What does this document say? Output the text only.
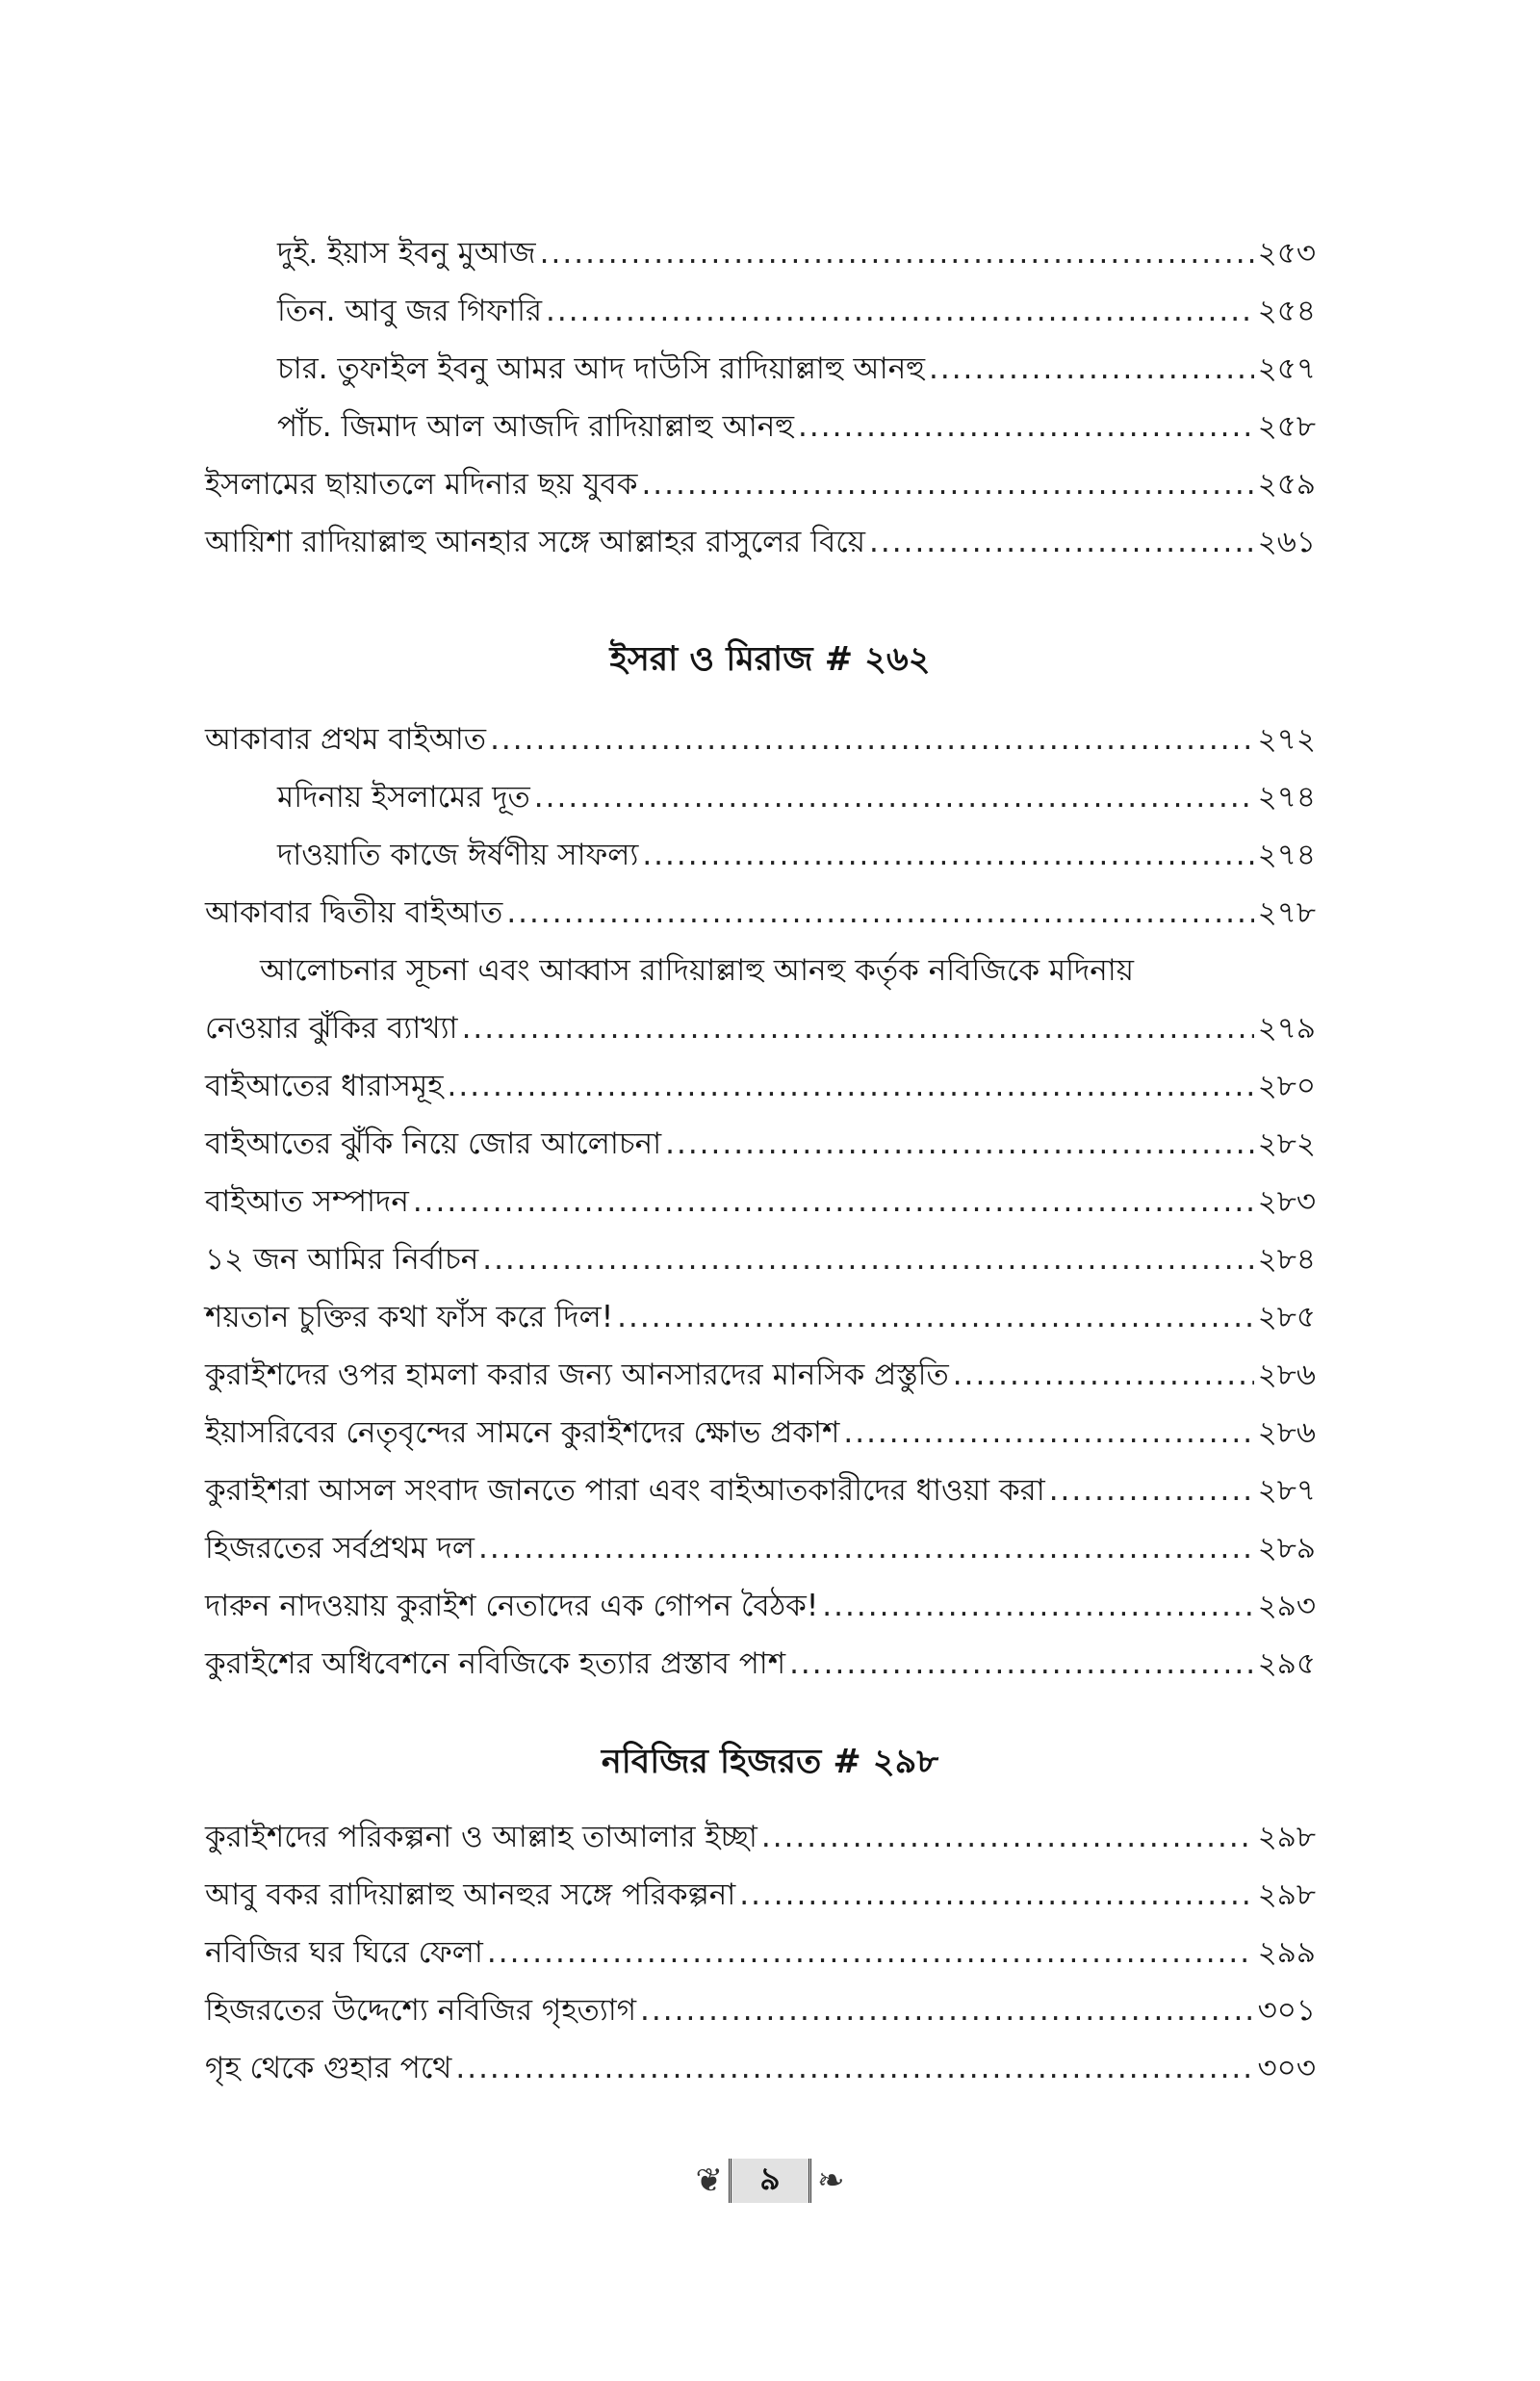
দুই. ইয়াস ইবনু মুআজ .....	২৫৩
তিন. আবু জর গিফারি .....	২৫৪
চার. তুফাইল ইবনু আমর আদ দাউসি রাদিয়াল্লাহু আনহু .....	২৫৭
পাঁচ. জিমাদ আল আজদি রাদিয়াল্লাহু আনহু .....	২৫৮
ইসলামের ছায়াতলে মদিনার ছয় যুবক .....	২৫৯
আয়িশা রাদিয়াল্লাহু আনহার সঙ্গে আল্লাহর রাসুলের বিয়ে .....	২৬১
ইসরা ও মিরাজ # ২৬২
আকাবার প্রথম বাইআত .....	২৭২
মদিনায় ইসলামের দূত .....	২৭৪
দাওয়াতি কাজে ঈর্ষণীয় সাফল্য .....	২৭৪
আকাবার দ্বিতীয় বাইআত .....	২৭৮
আলোচনার সূচনা এবং আব্বাস রাদিয়াল্লাহু আনহু কর্তৃক নবিজিকে মদিনায়
নেওয়ার ঝুঁকির ব্যাখ্যা .....	২৭৯
বাইআতের ধারাসমূহ .....	২৮০
বাইআতের ঝুঁকি নিয়ে জোর আলোচনা .....	২৮২
বাইআত সম্পাদন .....	২৮৩
১২ জন আমির নির্বাচন .....	২৮৪
শয়তান চুক্তির কথা ফাঁস করে দিল! .....	২৮৫
কুরাইশদের ওপর হামলা করার জন্য আনসারদের মানসিক প্রস্তুতি .....	২৮৬
ইয়াসরিবের নেতৃবৃন্দের সামনে কুরাইশদের ক্ষোভ প্রকাশ .....	২৮৬
কুরাইশরা আসল সংবাদ জানতে পারা এবং বাইআতকারীদের ধাওয়া করা .....	২৮৭
হিজরতের সর্বপ্রথম দল .....	২৮৯
দারুন নাদওয়ায় কুরাইশ নেতাদের এক গোপন বৈঠক! .....	২৯৩
কুরাইশের অধিবেশনে নবিজিকে হত্যার প্রস্তাব পাশ .....	২৯৫
নবিজির হিজরত # ২৯৮
কুরাইশদের পরিকল্পনা ও আল্লাহ তাআলার ইচ্ছা .....	২৯৮
আবু বকর রাদিয়াল্লাহু আনহুর সঙ্গে পরিকল্পনা .....	২৯৮
নবিজির ঘর ঘিরে ফেলা .....	২৯৯
হিজরতের উদ্দেশ্যে নবিজির গৃহত্যাগ .....	৩০১
গৃহ থেকে গুহার পথে .....	৩০৩
❦	৯	❧
